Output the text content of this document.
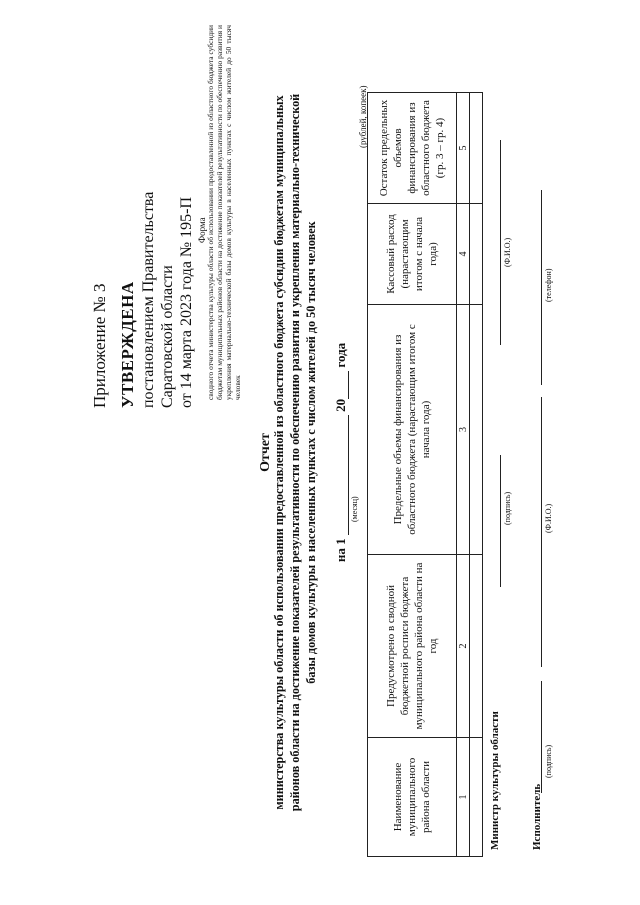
Приложение № 3 УТВЕРЖДЕНА постановлением Правительства Саратовской области от 14 марта 2023 года № 195-П Форма сводного отчета министерства культуры области об использовании предоставленной из областного бюджета субсидии бюджетам муниципальных районов области на достижение показателей результативности по обеспечению развития и укрепления материально-технической базы домов культуры в населенных пунктах с числом жителей до 50 тысяч человек
Отчет министерства культуры области об использовании предоставленной из областного бюджета субсидии бюджетам муниципальных районов области на достижение показателей результативности по обеспечению развития и укрепления материально-технической базы домов культуры в населенных пунктах с числом жителей до 50 тысяч человек на 1  20 года
(месяц)
(рублей, копеек)
Наименование муниципального района области	Предусмотрено в сводной бюджетной росписи бюджета муниципального района области на год	Предельные объемы финансирования из областного бюджета (нарастающим итогом с начала года)	Кассовый расход (нарастающим итогом с начала года)	Остаток предельных объемов финансирования из областного бюджета (гр. 3 – гр. 4)
1	2	3	4	5

Министр культуры области
(подпись)
(Ф.И.О.)
Исполнитель
(подпись)
(Ф.И.О.)
(телефон)
